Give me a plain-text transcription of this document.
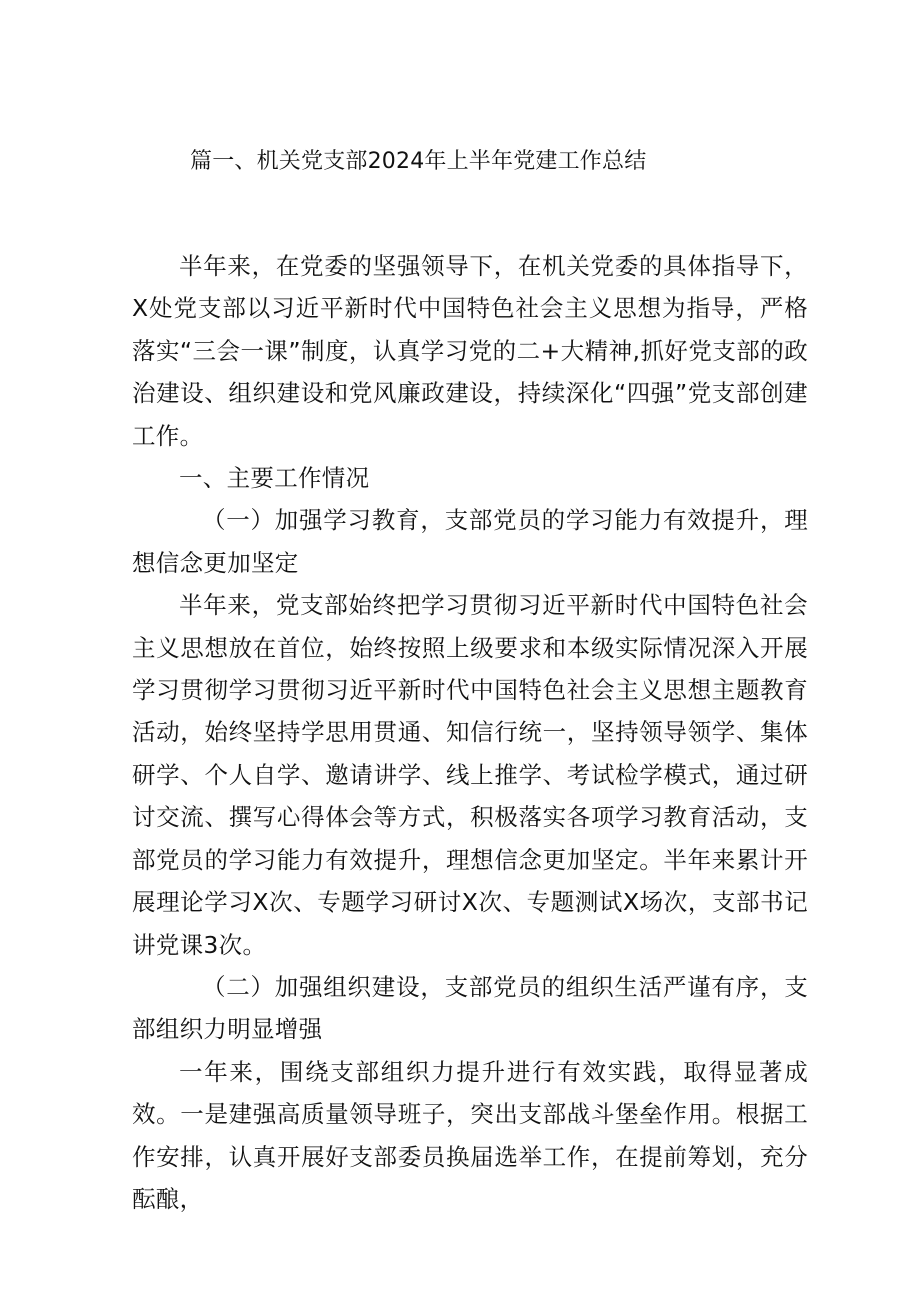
篇一、机关党支部2024年上半年党建工作总结

半年来，在党委的坚强领导下，在机关党委的具体指导下，X处党支部以习近平新时代中国特色社会主义思想为指导，严格落实“三会一课”制度，认真学习党的二+大精神,抓好党支部的政治建设、组织建设和党风廉政建设，持续深化“四强”党支部创建工作。

一、主要工作情况

（一）加强学习教育，支部党员的学习能力有效提升，理想信念更加坚定

半年来，党支部始终把学习贯彻习近平新时代中国特色社会主义思想放在首位，始终按照上级要求和本级实际情况深入开展学习贯彻学习贯彻习近平新时代中国特色社会主义思想主题教育活动，始终坚持学思用贯通、知信行统一，坚持领导领学、集体研学、个人自学、邀请讲学、线上推学、考试检学模式，通过研讨交流、撰写心得体会等方式，积极落实各项学习教育活动，支部党员的学习能力有效提升，理想信念更加坚定。半年来累计开展理论学习X次、专题学习研讨X次、专题测试X场次，支部书记讲党课3次。

（二）加强组织建设，支部党员的组织生活严谨有序，支部组织力明显增强

一年来，围绕支部组织力提升进行有效实践，取得显著成效。一是建强高质量领导班子，突出支部战斗堡垒作用。根据工作安排，认真开展好支部委员换届选举工作，在提前筹划，充分酝酿，
